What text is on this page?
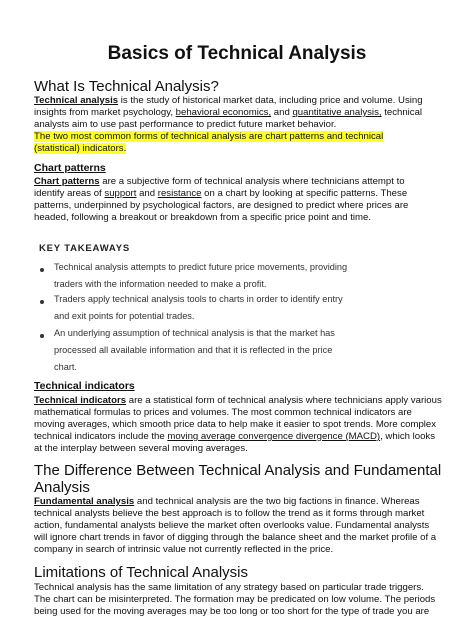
Basics of Technical Analysis
What Is Technical Analysis?
Technical analysis is the study of historical market data, including price and volume. Using
insights from market psychology, behavioral economics, and quantitative analysis, technical
analysts aim to use past performance to predict future market behavior.
The two most common forms of technical analysis are chart patterns and technical
(statistical) indicators.
Chart patterns
Chart patterns are a subjective form of technical analysis where technicians attempt to
identify areas of support and resistance on a chart by looking at specific patterns. These
patterns, underpinned by psychological factors, are designed to predict where prices are
headed, following a breakout or breakdown from a specific price point and time.
KEY TAKEAWAYS
Technical analysis attempts to predict future price movements, providing
traders with the information needed to make a profit.
Traders apply technical analysis tools to charts in order to identify entry
and exit points for potential trades.
An underlying assumption of technical analysis is that the market has
processed all available information and that it is reflected in the price
chart.
Technical indicators
Technical indicators are a statistical form of technical analysis where technicians apply various
mathematical formulas to prices and volumes. The most common technical indicators are
moving averages, which smooth price data to help make it easier to spot trends. More complex
technical indicators include the moving average convergence divergence (MACD), which looks
at the interplay between several moving averages.
The Difference Between Technical Analysis and Fundamental
Analysis
Fundamental analysis and technical analysis are the two big factions in finance. Whereas
technical analysts believe the best approach is to follow the trend as it forms through market
action, fundamental analysts believe the market often overlooks value. Fundamental analysts
will ignore chart trends in favor of digging through the balance sheet and the market profile of a
company in search of intrinsic value not currently reflected in the price.
Limitations of Technical Analysis
Technical analysis has the same limitation of any strategy based on particular trade triggers.
The chart can be misinterpreted. The formation may be predicated on low volume. The periods
being used for the moving averages may be too long or too short for the type of trade you are
